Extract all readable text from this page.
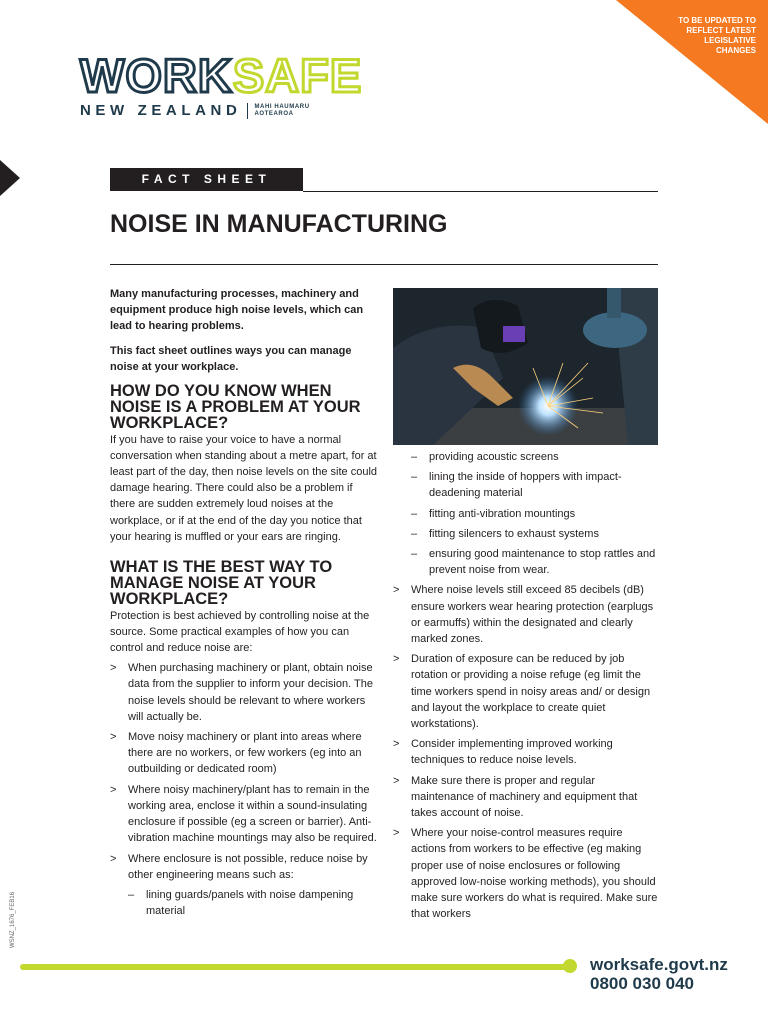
TO BE UPDATED TO
REFLECT LATEST
LEGISLATIVE
CHANGES
WORKSAFE
NEW ZEALAND MAHI HAUMARU
AOTEAROA
FACT SHEET
NOISE IN MANUFACTURING

Many manufacturing processes, machinery and equipment produce high noise levels, which can lead to hearing problems.

This fact sheet outlines ways you can manage noise at your workplace.

HOW DO YOU KNOW WHEN NOISE IS A PROBLEM AT YOUR WORKPLACE?

If you have to raise your voice to have a normal conversation when standing about a metre apart, for at least part of the day, then noise levels on the site could damage hearing. There could also be a problem if there are sudden extremely loud noises at the workplace, or if at the end of the day you notice that your hearing is muffled or your ears are ringing.

WHAT IS THE BEST WAY TO MANAGE NOISE AT YOUR WORKPLACE?

Protection is best achieved by controlling noise at the source. Some practical examples of how you can control and reduce noise are:

> When purchasing machinery or plant, obtain noise data from the supplier to inform your decision. The noise levels should be relevant to where workers will actually be.
> Move noisy machinery or plant into areas where there are no workers, or few workers (eg into an outbuilding or dedicated room)
> Where noisy machinery/plant has to remain in the working area, enclose it within a sound-insulating enclosure if possible (eg a screen or barrier). Anti-vibration machine mountings may also be required.
> Where enclosure is not possible, reduce noise by other engineering means such as:
– lining guards/panels with noise dampening material
– providing acoustic screens
– lining the inside of hoppers with impact-deadening material
– fitting anti-vibration mountings
– fitting silencers to exhaust systems
– ensuring good maintenance to stop rattles and prevent noise from wear.
> Where noise levels still exceed 85 decibels (dB) ensure workers wear hearing protection (earplugs or earmuffs) within the designated and clearly marked zones.
> Duration of exposure can be reduced by job rotation or providing a noise refuge (eg limit the time workers spend in noisy areas and/ or design and layout the workplace to create quiet workstations).
> Consider implementing improved working techniques to reduce noise levels.
> Make sure there is proper and regular maintenance of machinery and equipment that takes account of noise.
> Where your noise-control measures require actions from workers to be effective (eg making proper use of noise enclosures or following approved low-noise working methods), you should make sure workers do what is required. Make sure that workers
WSNZ_1676_FEB16
worksafe.govt.nz
0800 030 040
